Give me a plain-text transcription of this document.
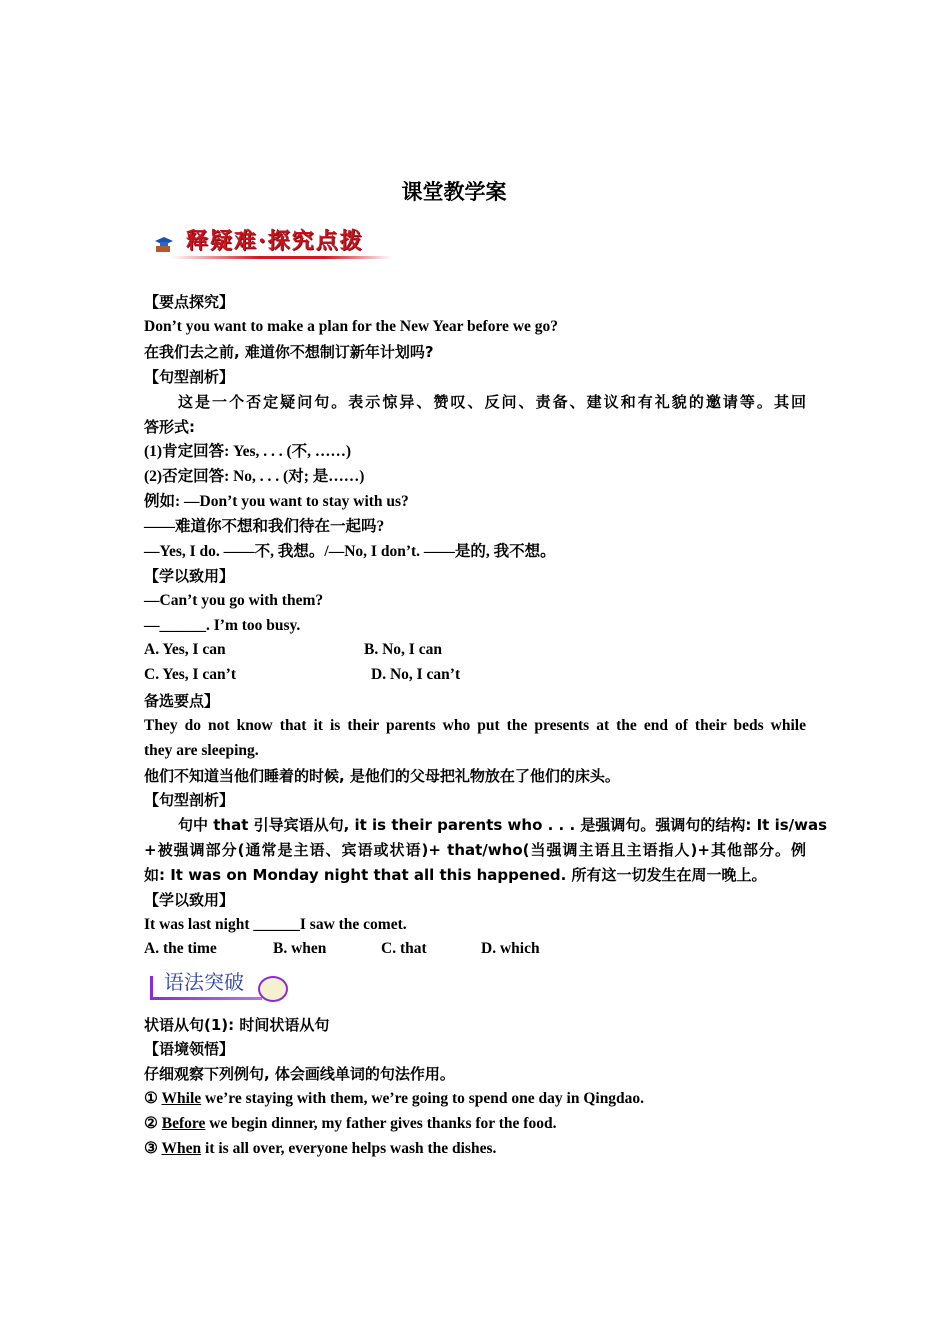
课堂教学案
释疑难·探究点拨
【要点探究】
Don’t you want to make a plan for the New Year before we go?
在我们去之前, 难道你不想制订新年计划吗?
【句型剖析】
这是一个否定疑问句。表示惊异、赞叹、反问、责备、建议和有礼貌的邀请等。其回
答形式:
(1)肯定回答: Yes, . . . (不, ……)
(2)否定回答: No, . . . (对; 是……)
例如: —Don’t you want to stay with us?
——难道你不想和我们待在一起吗?
—Yes, I do. ——不, 我想。/—No, I don’t. ——是的, 我不想。
【学以致用】
—Can’t you go with them?
—______. I’m too busy.
A. Yes, I can	B. No, I can
C. Yes, I can’t	D. No, I can’t
备选要点】
They do not know that it is their parents who put the presents at the end of their beds while
they are sleeping.
他们不知道当他们睡着的时候, 是他们的父母把礼物放在了他们的床头。
【句型剖析】
句中 that 引导宾语从句, it is their parents who . . . 是强调句。强调句的结构: It is/was
+被强调部分(通常是主语、宾语或状语)+ that/who(当强调主语且主语指人)+其他部分。例
如: It was on Monday night that all this happened. 所有这一切发生在周一晚上。
【学以致用】
It was last night ______I saw the comet.
A. the time	B. when	C. that	D. which
语法突破
状语从句(1): 时间状语从句
【语境领悟】
仔细观察下列例句, 体会画线单词的句法作用。
① While we’re staying with them, we’re going to spend one day in Qingdao.
② Before we begin dinner, my father gives thanks for the food.
③ When it is all over, everyone helps wash the dishes.
